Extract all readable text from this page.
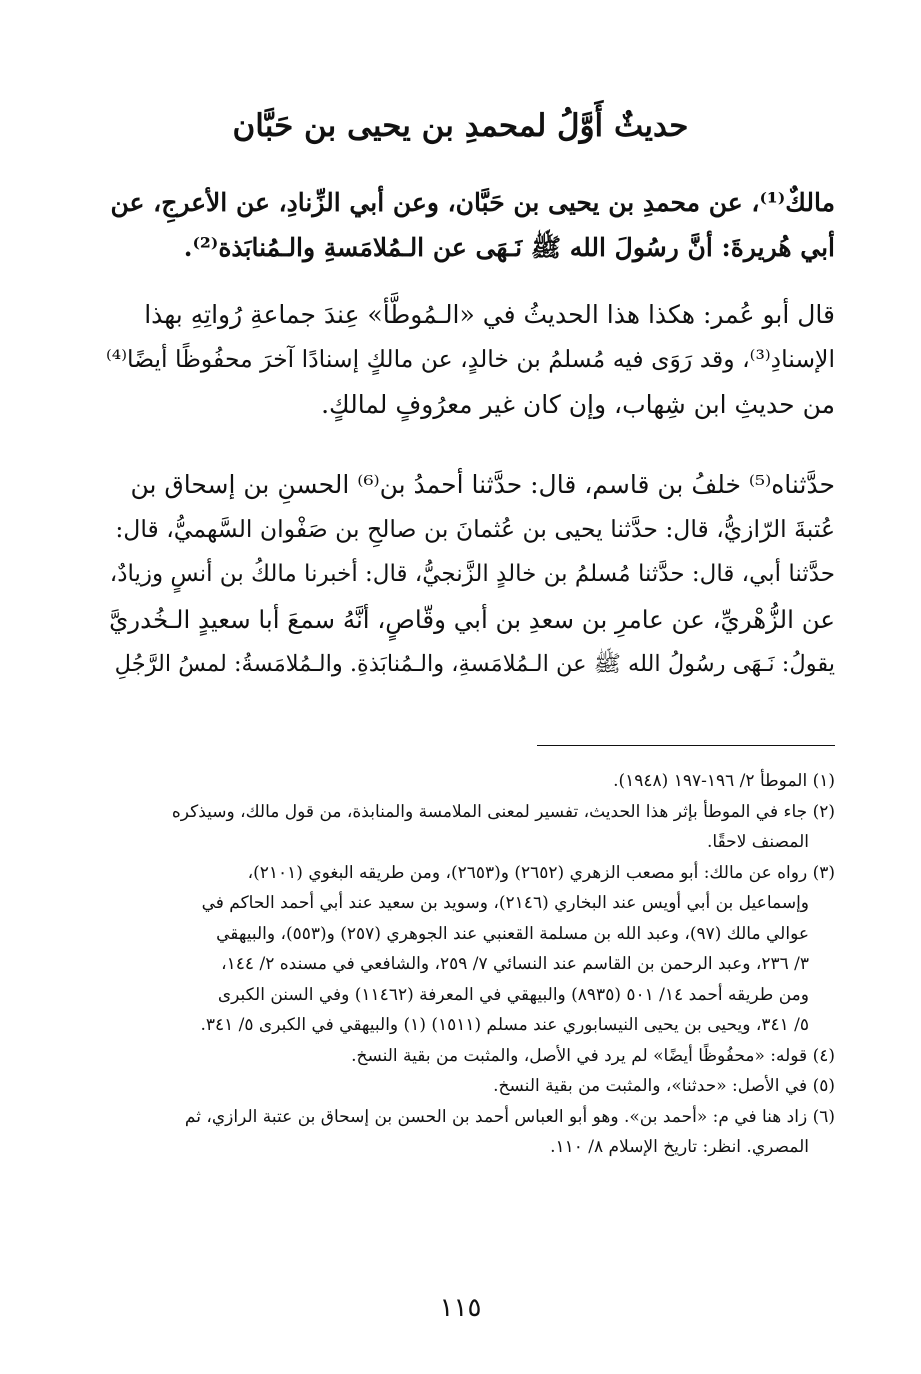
حديثٌ أَوَّلُ لمحمدِ بن يحيى بن حَبَّان
مالكٌ⁽¹⁾، عن محمدِ بن يحيى بن حَبَّان، وعن أبي الزِّنادِ، عن الأعرجِ، عن
أبي هُريرةَ: أنَّ رسُولَ الله ﷺ نَـهَى عن الـمُلامَسةِ والـمُنابَذة⁽²⁾.
قال أبو عُمر: هكذا هذا الحديثُ في «الـمُوطَّأ» عِندَ جماعةِ رُواتِهِ بهذا
الإسنادِ⁽³⁾، وقد رَوَى فيه مُسلمُ بن خالدٍ، عن مالكٍ إسنادًا آخرَ محفُوظًا أيضًا⁽⁴⁾
من حديثِ ابن شِهاب، وإن كان غير معرُوفٍ لمالكٍ.
حدَّثناه⁽⁵⁾ خلفُ بن قاسم، قال: حدَّثنا أحمدُ بن⁽⁶⁾ الحسنِ بن إسحاق بن
عُتبةَ الرّازيُّ، قال: حدَّثنا يحيى بن عُثمانَ بن صالحِ بن صَفْوان السَّهميُّ، قال:
حدَّثنا أبي، قال: حدَّثنا مُسلمُ بن خالدٍ الزَّنجيُّ، قال: أخبرنا مالكُ بن أنسٍ وزيادٌ،
عن الزُّهْريِّ، عن عامرِ بن سعدِ بن أبي وقّاصٍ، أنَّهُ سمعَ أبا سعيدٍ الـخُدريَّ
يقولُ: نَـهَى رسُولُ الله ﷺ عن الـمُلامَسةِ، والـمُنابَذةِ. والـمُلامَسةُ: لمسُ الرَّجُلِ
(١) الموطأ ٢/ ١٩٦-١٩٧ (١٩٤٨).
(٢) جاء في الموطأ بإثر هذا الحديث، تفسير لمعنى الملامسة والمنابذة، من قول مالك، وسيذكره
المصنف لاحقًا.
(٣) رواه عن مالك: أبو مصعب الزهري (٢٦٥٢) و(٢٦٥٣)، ومن طريقه البغوي (٢١٠١)،
وإسماعيل بن أبي أويس عند البخاري (٢١٤٦)، وسويد بن سعيد عند أبي أحمد الحاكم في
عوالي مالك (٩٧)، وعبد الله بن مسلمة القعنبي عند الجوهري (٢٥٧) و(٥٥٣)، والبيهقي
٣/ ٢٣٦، وعبد الرحمن بن القاسم عند النسائي ٧/ ٢٥٩، والشافعي في مسنده ٢/ ١٤٤،
ومن طريقه أحمد ١٤/ ٥٠١ (٨٩٣٥) والبيهقي في المعرفة (١١٤٦٢) وفي السنن الكبرى
٥/ ٣٤١، ويحيى بن يحيى النيسابوري عند مسلم (١٥١١) (١) والبيهقي في الكبرى ٥/ ٣٤١.
(٤) قوله: «محفُوظًا أيضًا» لم يرد في الأصل، والمثبت من بقية النسخ.
(٥) في الأصل: «حدثنا»، والمثبت من بقية النسخ.
(٦) زاد هنا في م: «أحمد بن». وهو أبو العباس أحمد بن الحسن بن إسحاق بن عتبة الرازي، ثم
المصري. انظر: تاريخ الإسلام ٨/ ١١٠.
١١٥
